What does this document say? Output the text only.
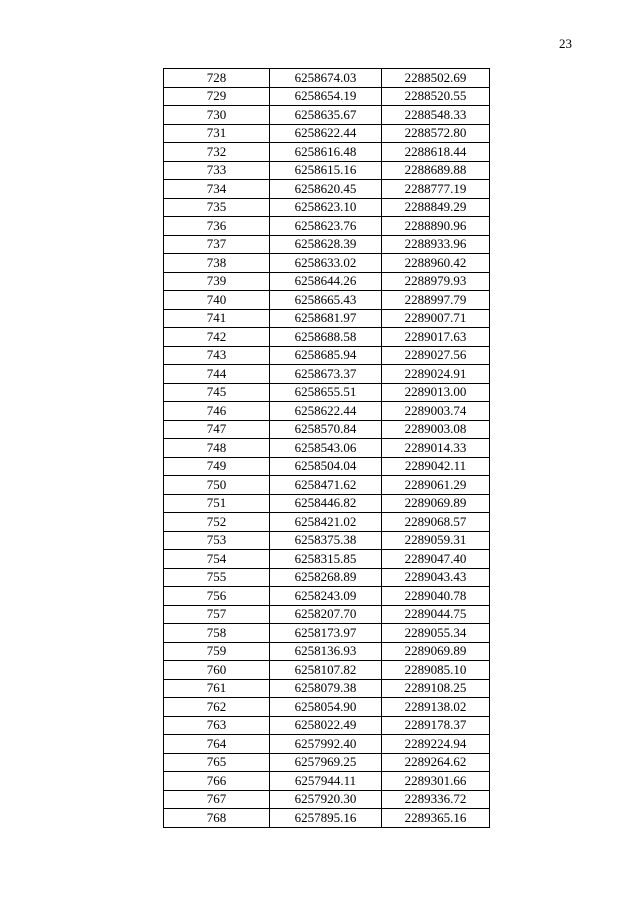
23
728	6258674.03	2288502.69
729	6258654.19	2288520.55
730	6258635.67	2288548.33
731	6258622.44	2288572.80
732	6258616.48	2288618.44
733	6258615.16	2288689.88
734	6258620.45	2288777.19
735	6258623.10	2288849.29
736	6258623.76	2288890.96
737	6258628.39	2288933.96
738	6258633.02	2288960.42
739	6258644.26	2288979.93
740	6258665.43	2288997.79
741	6258681.97	2289007.71
742	6258688.58	2289017.63
743	6258685.94	2289027.56
744	6258673.37	2289024.91
745	6258655.51	2289013.00
746	6258622.44	2289003.74
747	6258570.84	2289003.08
748	6258543.06	2289014.33
749	6258504.04	2289042.11
750	6258471.62	2289061.29
751	6258446.82	2289069.89
752	6258421.02	2289068.57
753	6258375.38	2289059.31
754	6258315.85	2289047.40
755	6258268.89	2289043.43
756	6258243.09	2289040.78
757	6258207.70	2289044.75
758	6258173.97	2289055.34
759	6258136.93	2289069.89
760	6258107.82	2289085.10
761	6258079.38	2289108.25
762	6258054.90	2289138.02
763	6258022.49	2289178.37
764	6257992.40	2289224.94
765	6257969.25	2289264.62
766	6257944.11	2289301.66
767	6257920.30	2289336.72
768	6257895.16	2289365.16
